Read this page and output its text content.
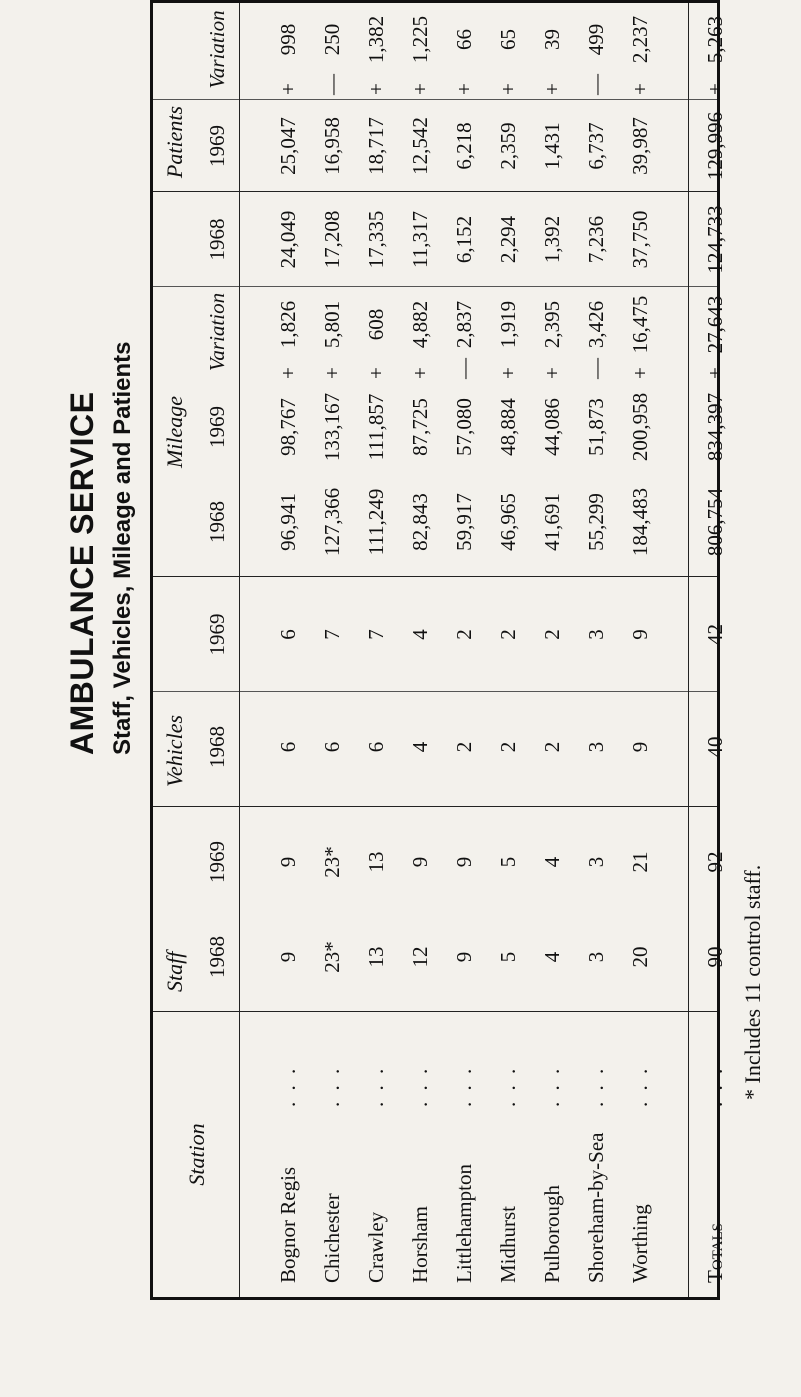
AMBULANCE SERVICE Staff, Vehicles, Mileage and Patients
Station
Staff
Vehicles
Mileage
Patients
Bognor Regis
. . .
9
9
6
6
96,941
98,767
+
1,826
24,049
25,047
+
998
Chichester
. . .
23*
23*
6
7
127,366
133,167
+
5,801
17,208
16,958
—
250
Crawley
. . .
13
13
6
7
111,249
111,857
+
608
17,335
18,717
+
1,382
Horsham
. . .
12
9
4
4
82,843
87,725
+
4,882
11,317
12,542
+
1,225
Littlehampton
. . .
9
9
2
2
59,917
57,080
—
2,837
6,152
6,218
+
66
Midhurst
. . .
5
5
2
2
46,965
48,884
+
1,919
2,294
2,359
+
65
Pulborough
. . .
4
4
2
2
41,691
44,086
+
2,395
1,392
1,431
+
39
Shoreham-by-Sea
. . .
3
3
3
3
55,299
51,873
—
3,426
7,236
6,737
—
499
Worthing
. . .
20
21
9
9
184,483
200,958
+
16,475
37,750
39,987
+
2,237
Totals
. . .
90
92
40
42
806,754
834,397
+
27,643
124,733
129,996
+
5,263
1968
1969
1968
1969
1968
1969
Variation
1968
1969
Variation
* Includes 11 control staff.
